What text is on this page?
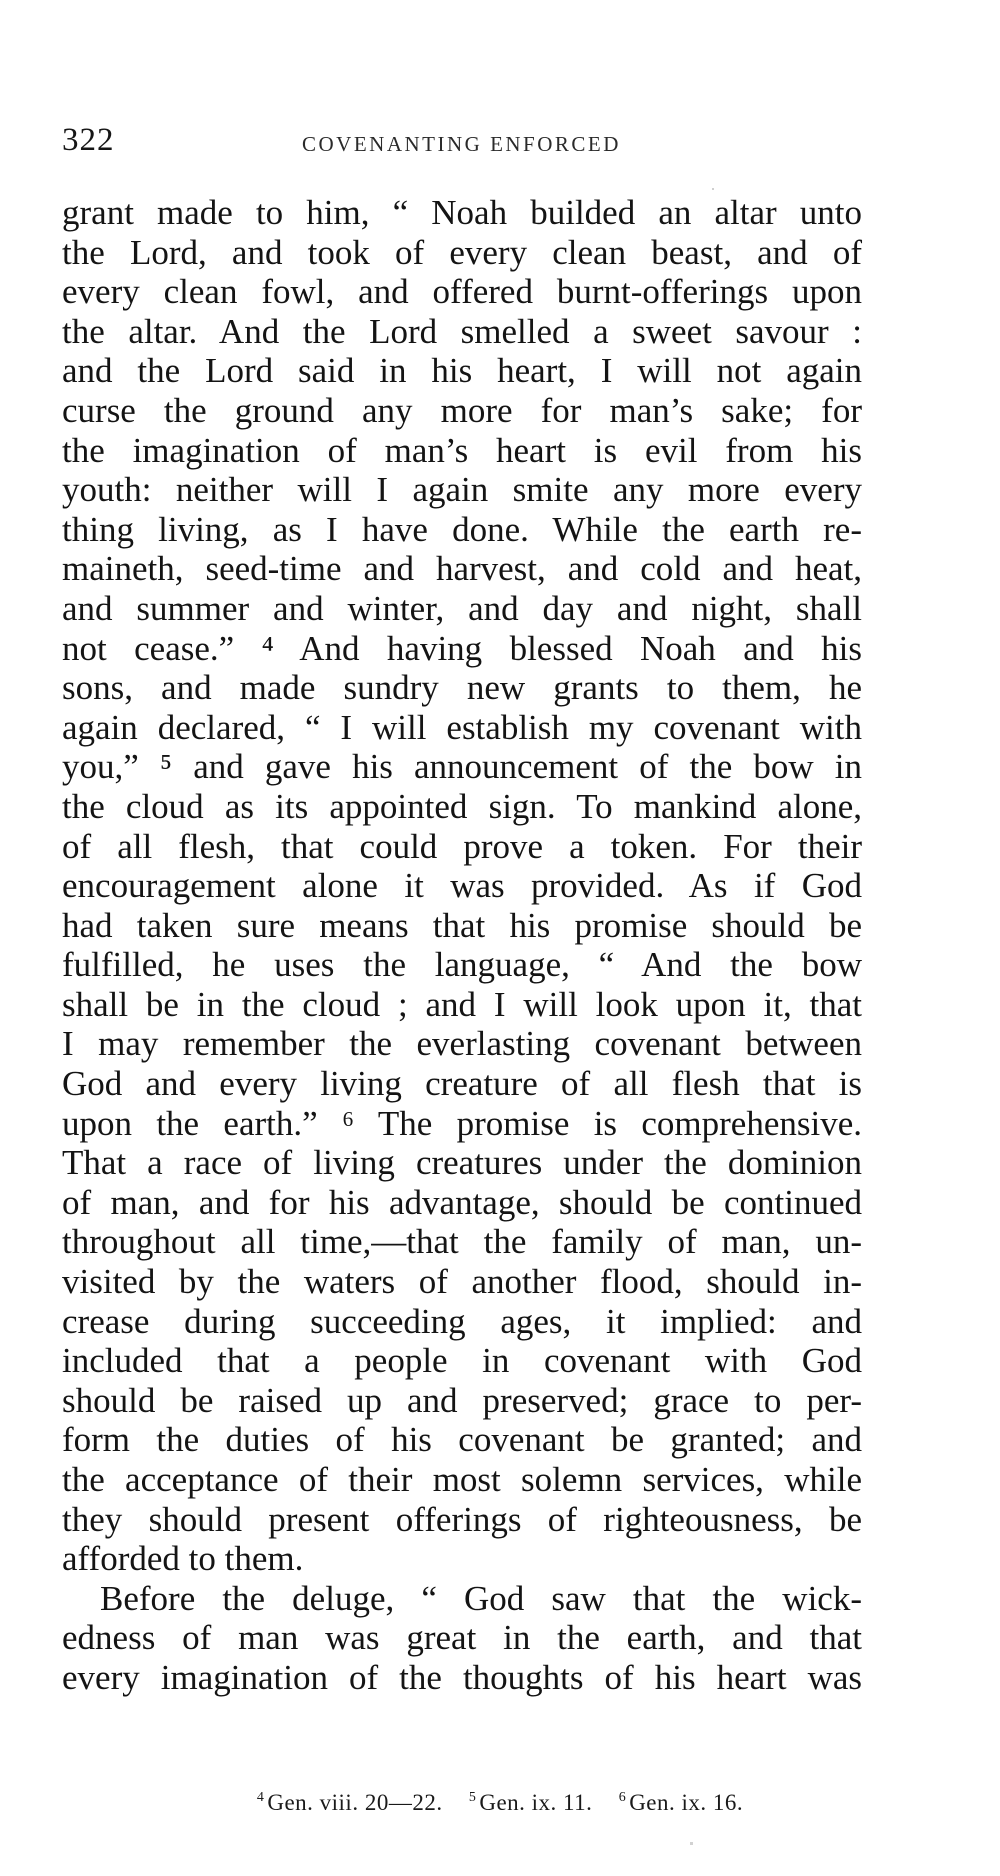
322	COVENANTING ENFORCED
grant made to him, “ Noah builded an altar unto
the Lord, and took of every clean beast, and of
every clean fowl, and offered burnt-offerings upon
the altar. And the Lord smelled a sweet savour :
and the Lord said in his heart, I will not again
curse the ground any more for man’s sake; for
the imagination of man’s heart is evil from his
youth: neither will I again smite any more every
thing living, as I have done. While the earth re-
maineth, seed-time and harvest, and cold and heat,
and summer and winter, and day and night, shall
not cease.” ⁴ And having blessed Noah and his
sons, and made sundry new grants to them, he
again declared, “ I will establish my covenant with
you,” ⁵ and gave his announcement of the bow in
the cloud as its appointed sign. To mankind alone,
of all flesh, that could prove a token. For their
encouragement alone it was provided. As if God
had taken sure means that his promise should be
fulfilled, he uses the language, “ And the bow
shall be in the cloud ; and I will look upon it, that
I may remember the everlasting covenant between
God and every living creature of all flesh that is
upon the earth.” ⁶ The promise is comprehensive.
That a race of living creatures under the dominion
of man, and for his advantage, should be continued
throughout all time,—that the family of man, un-
visited by the waters of another flood, should in-
crease during succeeding ages, it implied: and
included that a people in covenant with God
should be raised up and preserved; grace to per-
form the duties of his covenant be granted; and
the acceptance of their most solemn services, while
they should present offerings of righteousness, be
afforded to them.
Before the deluge, “ God saw that the wick-
edness of man was great in the earth, and that
every imagination of the thoughts of his heart was
$^4$ Gen. viii. 20—22. $^5$ Gen. ix. 11. $^6$ Gen. ix. 16.
